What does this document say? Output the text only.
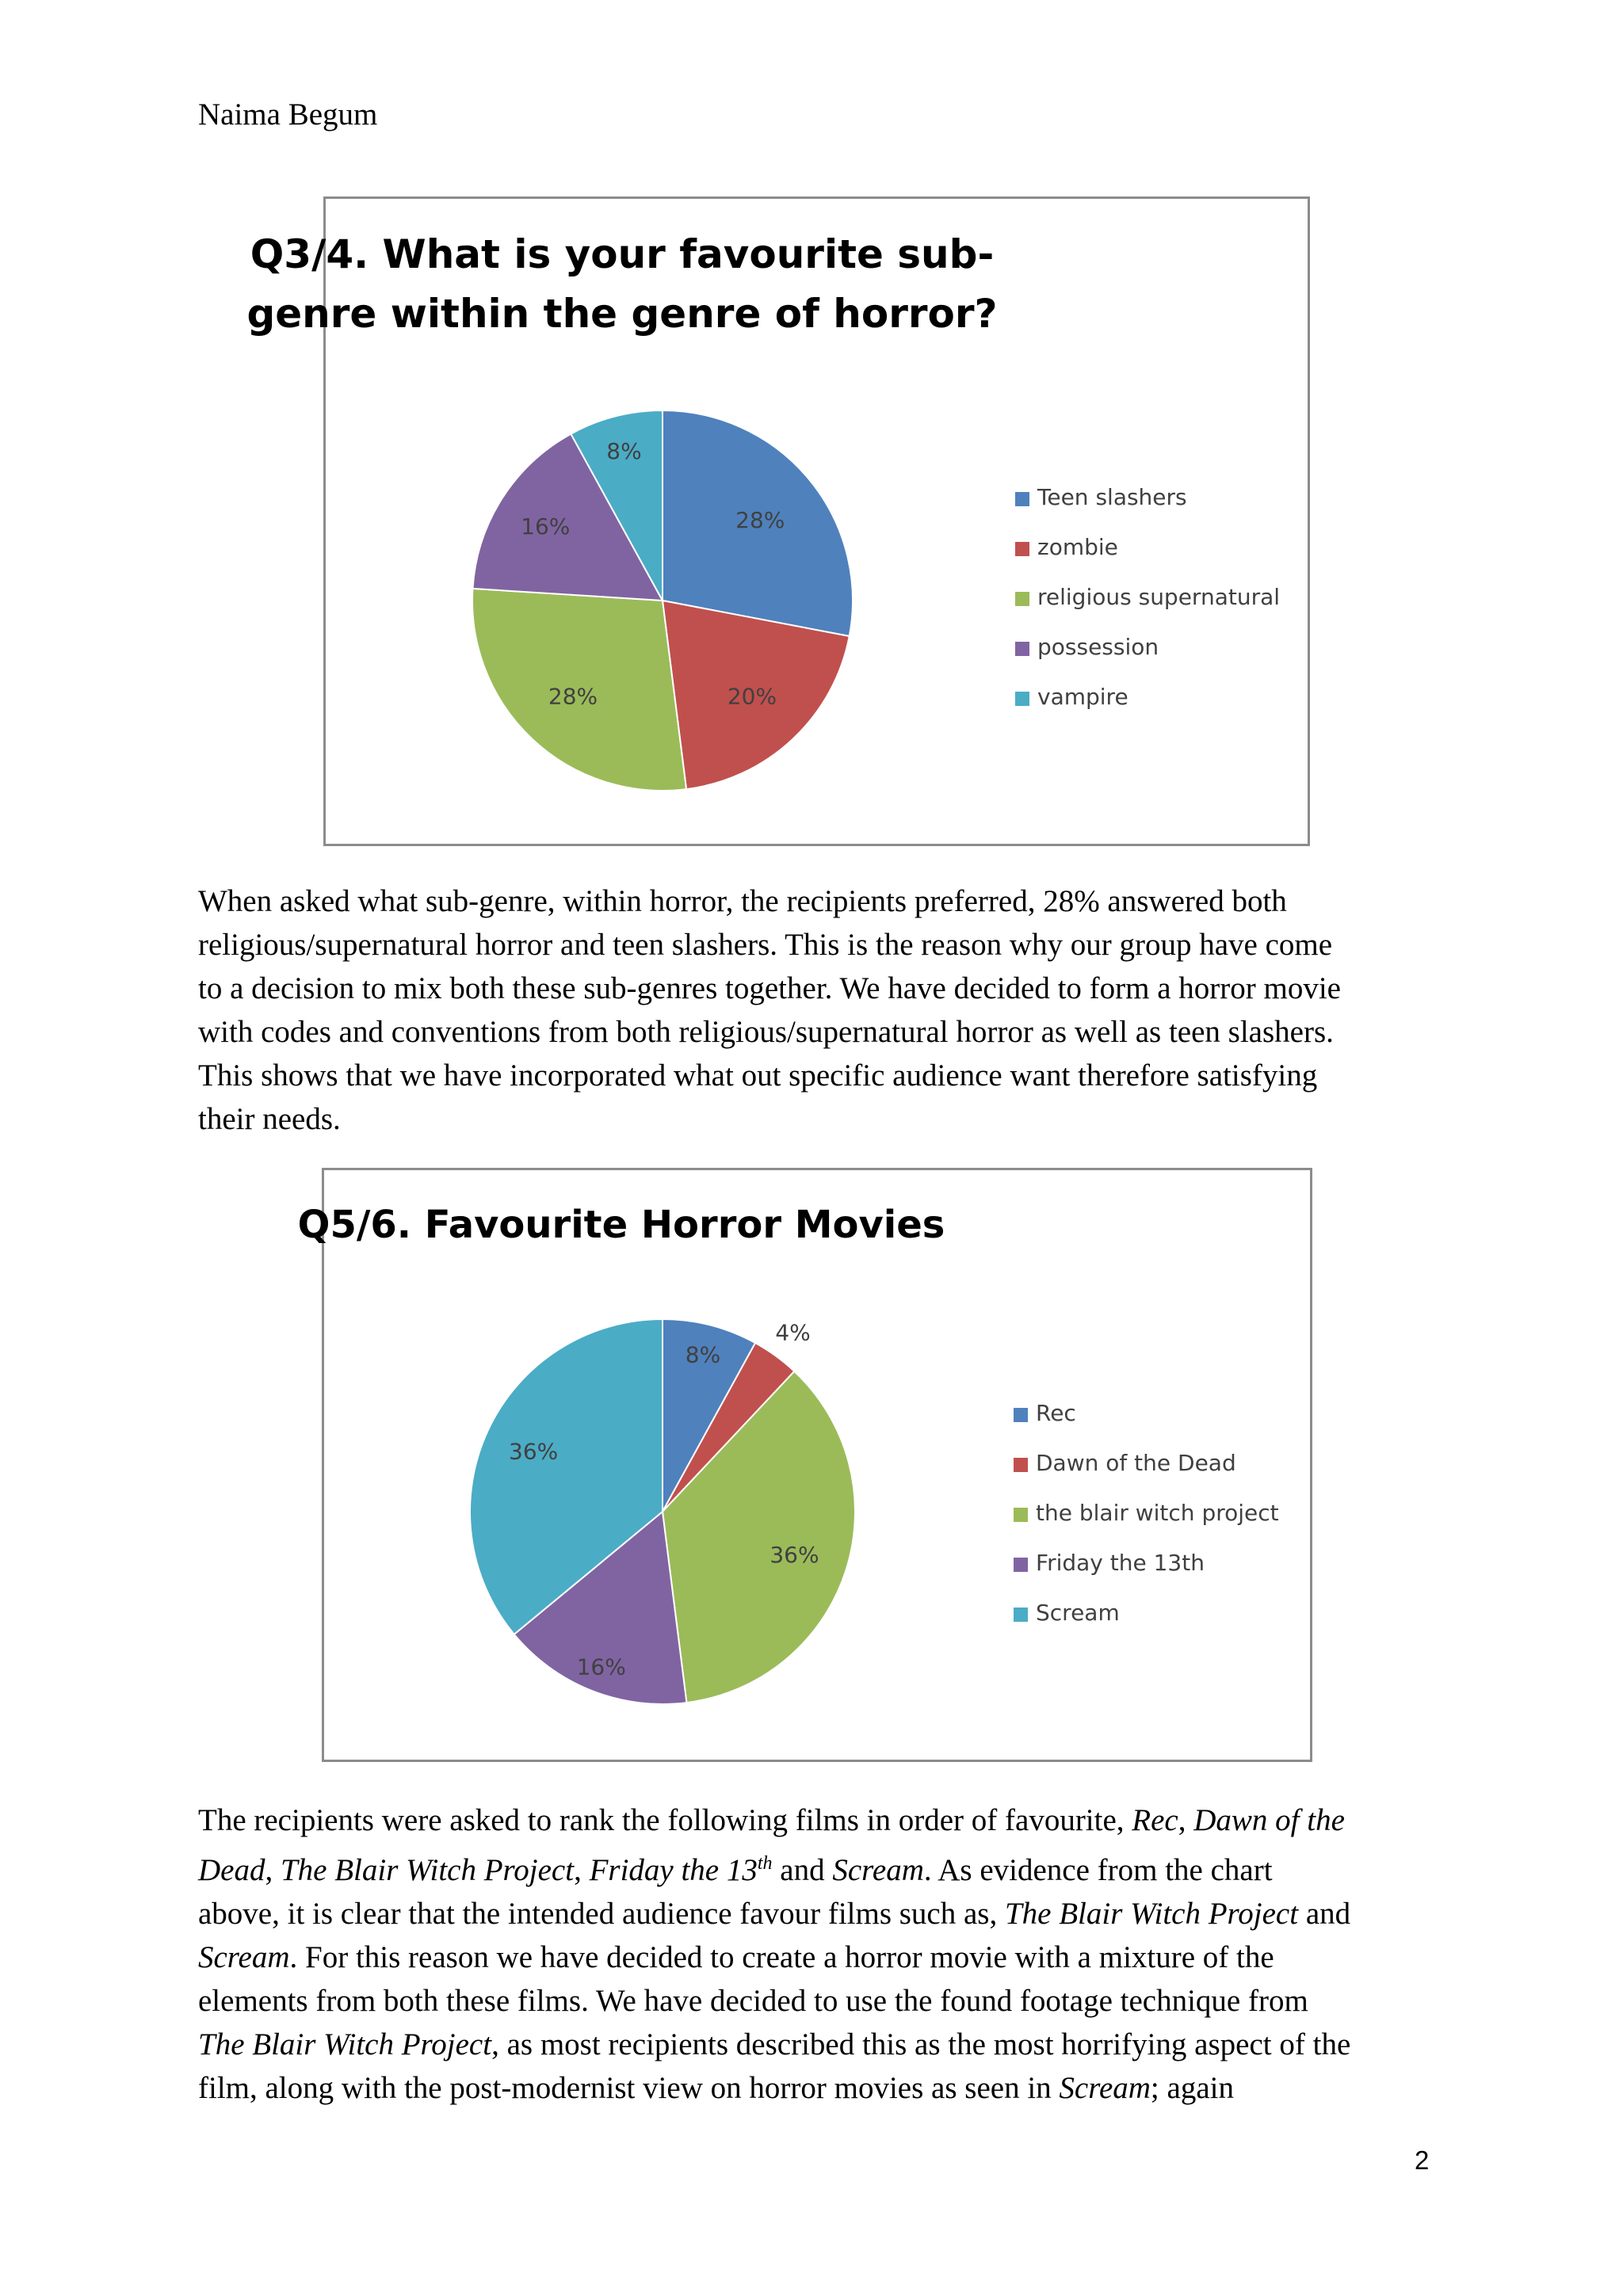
Naima Begum
Q3/4. What is your favourite sub-
genre within the genre of horror?
28%
20%
28%
16%
8%
Teen slashers
zombie
religious supernatural
possession
vampire

When asked what sub-genre, within horror, the recipients preferred, 28% answered both
religious/supernatural horror and teen slashers. This is the reason why our group have come
to a decision to mix both these sub-genres together. We have decided to form a horror movie
with codes and conventions from both religious/supernatural horror as well as teen slashers.
This shows that we have incorporated what out specific audience want therefore satisfying
their needs.

Q5/6. Favourite Horror Movies
8%
4%
36%
16%
36%
Rec
Dawn of the Dead
the blair witch project
Friday the 13th
Scream

The recipients were asked to rank the following films in order of favourite, Rec, Dawn of the
Dead, The Blair Witch Project, Friday the 13th and Scream. As evidence from the chart
above, it is clear that the intended audience favour films such as, The Blair Witch Project and
Scream. For this reason we have decided to create a horror movie with a mixture of the
elements from both these films. We have decided to use the found footage technique from
The Blair Witch Project, as most recipients described this as the most horrifying aspect of the
film, along with the post-modernist view on horror movies as seen in Scream; again

2
